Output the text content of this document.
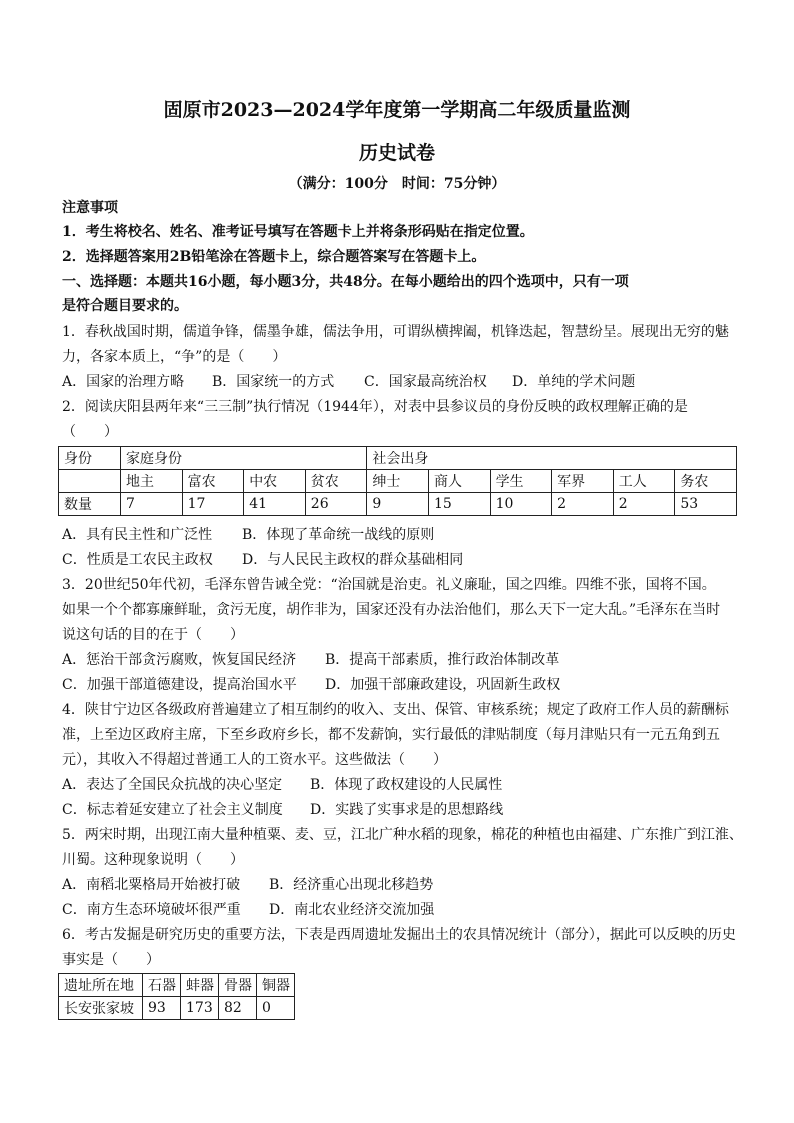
固原市2023—2024学年度第一学期高二年级质量监测
历史试卷
（满分：100分　时间：75分钟）
注意事项
1．考生将校名、姓名、准考证号填写在答题卡上并将条形码贴在指定位置。
2．选择题答案用2B铅笔涂在答题卡上，综合题答案写在答题卡上。
一、选择题：本题共16小题，每小题3分，共48分。在每小题给出的四个选项中，只有一项
是符合题目要求的。
1．春秋战国时期，儒道争锋，儒墨争雄，儒法争用，可谓纵横捭阖，机锋迭起，智慧纷呈。展现出无穷的魅
力，各家本质上，“争”的是（　　）
A．国家的治理方略 B．国家统一的方式 C．国家最高统治权 D．单纯的学术问题
2．阅读庆阳县两年来“三三制”执行情况（1944年），对表中县参议员的身份反映的政权理解正确的是
（　　）
身份	家庭身份				社会出身					
	地主	富农	中农	贫农	绅士	商人	学生	军界	工人	务农
数量	7	17	41	26	9	15	10	2	2	53
A．具有民主性和广泛性 B．体现了革命统一战线的原则
C．性质是工农民主政权 D．与人民民主政权的群众基础相同
3．20世纪50年代初，毛泽东曾告诫全党：“治国就是治吏。礼义廉耻，国之四维。四维不张，国将不国。
如果一个个都寡廉鲜耻，贪污无度，胡作非为，国家还没有办法治他们，那么天下一定大乱。”毛泽东在当时
说这句话的目的在于（　　）
A．惩治干部贪污腐败，恢复国民经济 B．提高干部素质，推行政治体制改革
C．加强干部道德建设，提高治国水平 D．加强干部廉政建设，巩固新生政权
4．陕甘宁边区各级政府普遍建立了相互制约的收入、支出、保管、审核系统；规定了政府工作人员的薪酬标
准，上至边区政府主席，下至乡政府乡长，都不发薪饷，实行最低的津贴制度（每月津贴只有一元五角到五
元），其收入不得超过普通工人的工资水平。这些做法（　　）
A．表达了全国民众抗战的决心坚定 B．体现了政权建设的人民属性
C．标志着延安建立了社会主义制度 D．实践了实事求是的思想路线
5．两宋时期，出现江南大量种植粟、麦、豆，江北广种水稻的现象，棉花的种植也由福建、广东推广到江淮、
川蜀。这种现象说明（　　）
A．南稻北粟格局开始被打破 B．经济重心出现北移趋势
C．南方生态环境破坏很严重 D．南北农业经济交流加强
6．考古发掘是研究历史的重要方法，下表是西周遗址发掘出土的农具情况统计（部分），据此可以反映的历史
事实是（　　）
遗址所在地	石器	蚌器	骨器	铜器
长安张家坡	93	173	82	0
